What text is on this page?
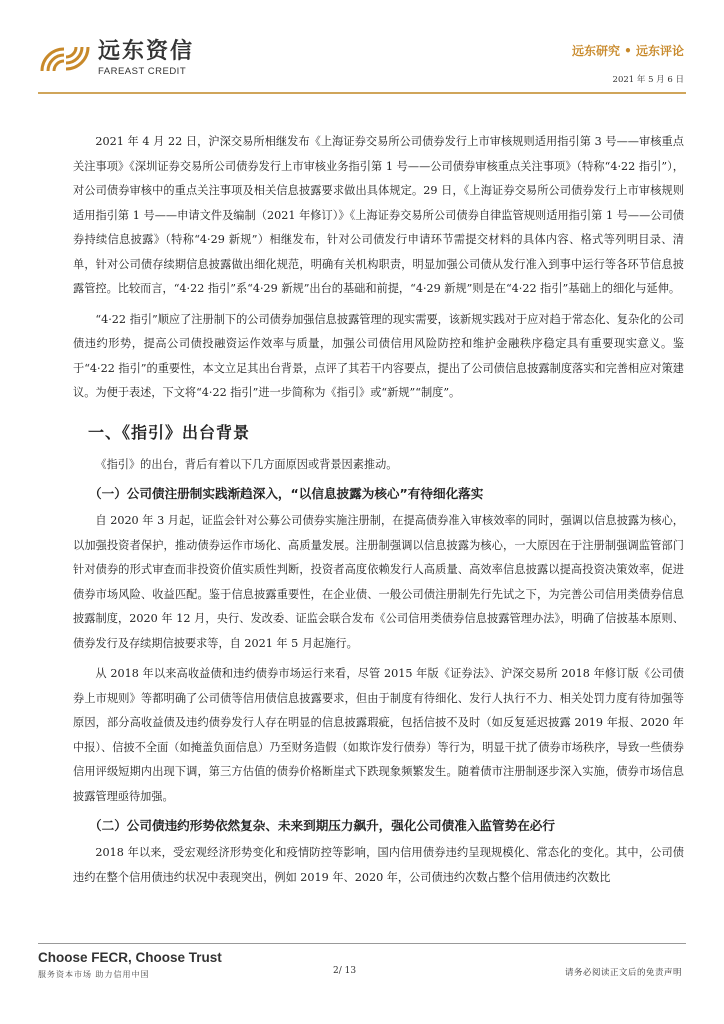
远东资信
FAREAST CREDIT
远东研究 • 远东评论
2021 年 5 月 6 日

2021 年 4 月 22 日，沪深交易所相继发布《上海证券交易所公司债券发行上市审核规则适用指引第 3 号——审核重点关注事项》《深圳证券交易所公司债券发行上市审核业务指引第 1 号——公司债券审核重点关注事项》（特称“4·22 指引”），对公司债券审核中的重点关注事项及相关信息披露要求做出具体规定。29 日，《上海证券交易所公司债券发行上市审核规则适用指引第 1 号——申请文件及编制（2021 年修订）》《上海证券交易所公司债券自律监管规则适用指引第 1 号——公司债券持续信息披露》（特称“4·29 新规”）相继发布，针对公司债发行申请环节需提交材料的具体内容、格式等列明目录、清单，针对公司债存续期信息披露做出细化规范，明确有关机构职责，明显加强公司债从发行准入到事中运行等各环节信息披露管控。比较而言，“4·22 指引”系“4·29 新规”出台的基础和前提，“4·29 新规”则是在“4·22 指引”基础上的细化与延伸。

“4·22 指引”顺应了注册制下的公司债券加强信息披露管理的现实需要，该新规实践对于应对趋于常态化、复杂化的公司债违约形势，提高公司债投融资运作效率与质量，加强公司债信用风险防控和维护金融秩序稳定具有重要现实意义。鉴于“4·22 指引”的重要性，本文立足其出台背景，点评了其若干内容要点，提出了公司债信息披露制度落实和完善相应对策建议。为便于表述，下文将“4·22 指引”进一步简称为《指引》或“新规”“制度”。

一、《指引》出台背景

《指引》的出台，背后有着以下几方面原因或背景因素推动。

（一）公司债注册制实践渐趋深入，“以信息披露为核心”有待细化落实

自 2020 年 3 月起，证监会针对公募公司债券实施注册制，在提高债券准入审核效率的同时，强调以信息披露为核心，以加强投资者保护，推动债券运作市场化、高质量发展。注册制强调以信息披露为核心，一大原因在于注册制强调监管部门针对债券的形式审查而非投资价值实质性判断，投资者高度依赖发行人高质量、高效率信息披露以提高投资决策效率，促进债券市场风险、收益匹配。鉴于信息披露重要性，在企业债、一般公司债注册制先行先试之下，为完善公司信用类债券信息披露制度，2020 年 12 月，央行、发改委、证监会联合发布《公司信用类债券信息披露管理办法》，明确了信披基本原则、债券发行及存续期信披要求等，自 2021 年 5 月起施行。

从 2018 年以来高收益债和违约债券市场运行来看，尽管 2015 年版《证券法》、沪深交易所 2018 年修订版《公司债券上市规则》等都明确了公司债等信用债信息披露要求，但由于制度有待细化、发行人执行不力、相关处罚力度有待加强等原因，部分高收益债及违约债券发行人存在明显的信息披露瑕疵，包括信披不及时（如反复延迟披露 2019 年报、2020 年中报）、信披不全面（如掩盖负面信息）乃至财务造假（如欺诈发行债券）等行为，明显干扰了债券市场秩序，导致一些债券信用评级短期内出现下调，第三方估值的债券价格断崖式下跌现象频繁发生。随着债市注册制逐步深入实施，债券市场信息披露管理亟待加强。

（二）公司债违约形势依然复杂、未来到期压力飙升，强化公司债准入监管势在必行

2018 年以来，受宏观经济形势变化和疫情防控等影响，国内信用债券违约呈现规模化、常态化的变化。其中，公司债违约在整个信用债违约状况中表现突出，例如 2019 年、2020 年，公司债违约次数占整个信用债违约次数比

Choose FECR, Choose Trust
服务资本市场 助力信用中国	2/ 13	请务必阅读正文后的免责声明
